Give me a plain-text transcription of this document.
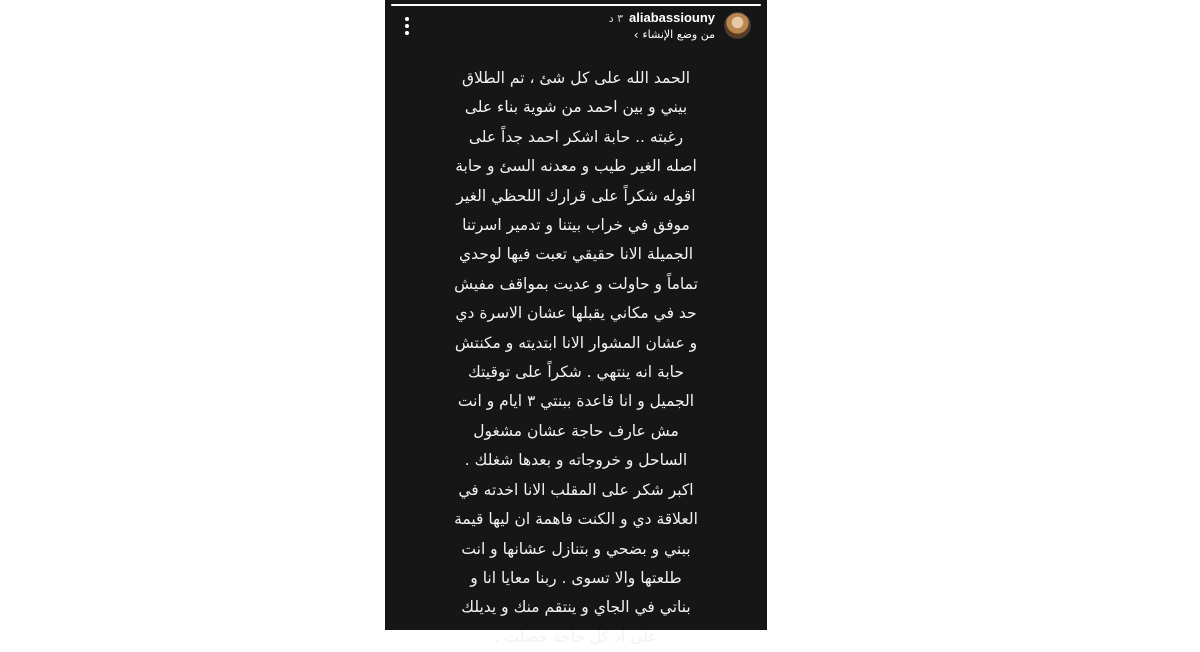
٣ د aliabassiouny
‹ من وضع الإنشاء
الحمد الله على كل شئ ، تم الطلاق
بيني و بين احمد من شوية بناء على
رغبته .. حابة اشكر احمد جداً على
اصله الغير طيب و معدنه السئ و حابة
اقوله شكراً على قرارك اللحظي الغير
موفق في خراب بيتنا و تدمير اسرتنا
الجميلة الانا حقيقي تعبت فيها لوحدي
تماماً و حاولت و عديت بمواقف مفيش
حد في مكاني يقبلها عشان الاسرة دي
و عشان المشوار الانا ابتديته و مكنتش
حابة انه ينتهي . شكراً على توقيتك
الجميل و انا قاعدة ببنتي ٣ ايام و انت
مش عارف حاجة عشان مشغول
الساحل و خروجاته و بعدها شغلك .
اكبر شكر على المقلب الانا اخدته في
العلاقة دي و الكنت فاهمة ان ليها قيمة
ببني و بضحي و بتنازل عشانها و انت
طلعتها والا تسوى . ربنا معايا انا و
بناتي في الجاي و ينتقم منك و يديلك
على اد كل حاجة حصلت .
